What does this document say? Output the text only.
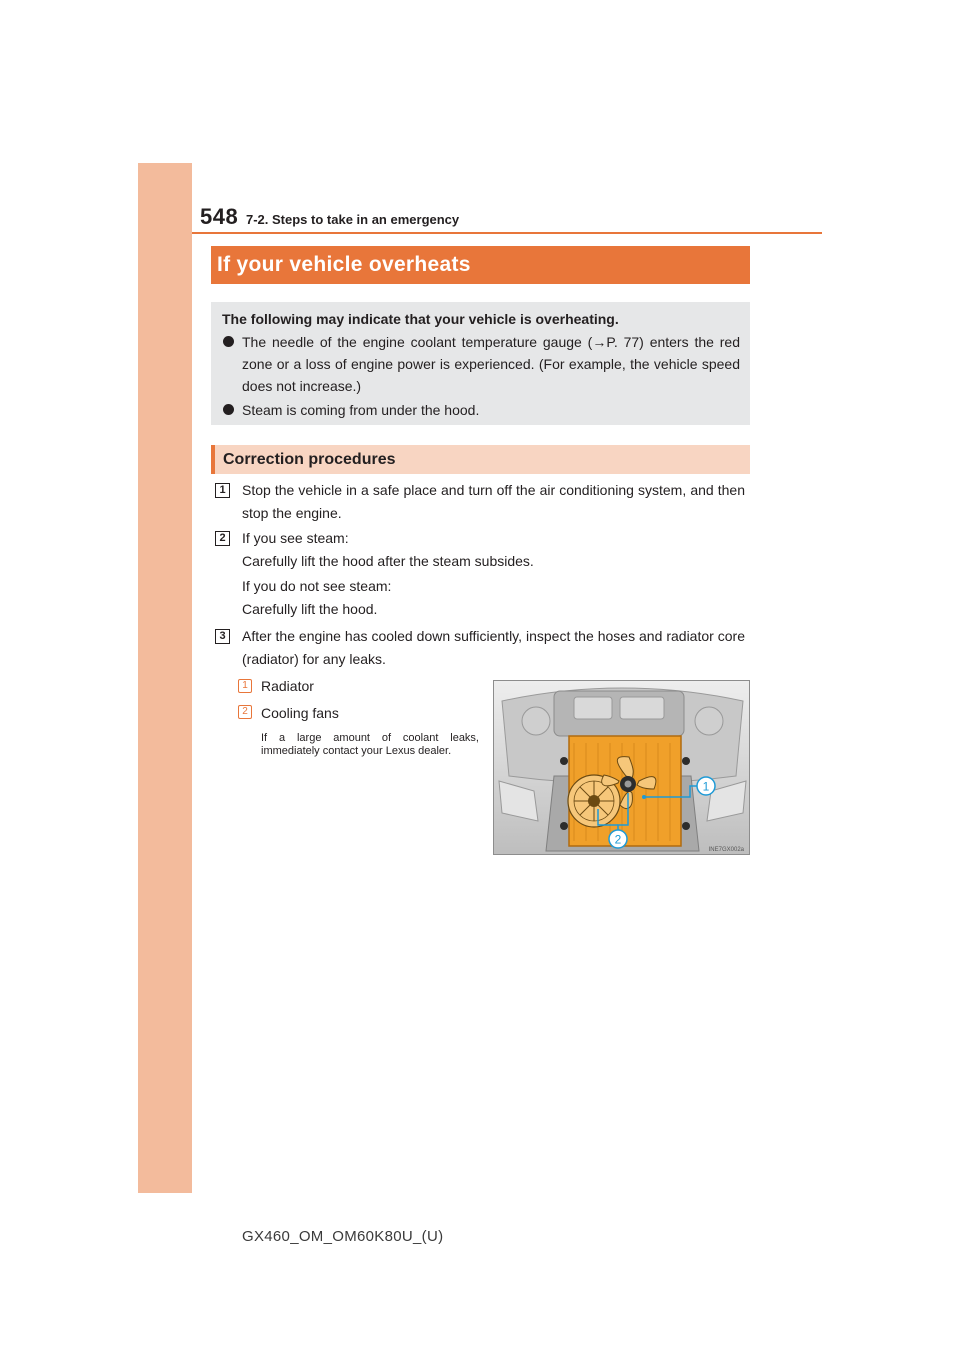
548 7-2. Steps to take in an emergency
If your vehicle overheats
The following may indicate that your vehicle is overheating.
The needle of the engine coolant temperature gauge (→P. 77) enters the red zone or a loss of engine power is experienced. (For example, the vehicle speed does not increase.)
Steam is coming from under the hood.
Correction procedures
1	Stop the vehicle in a safe place and turn off the air conditioning system, and then stop the engine.

2	If you see steam:
Carefully lift the hood after the steam subsides.

If you do not see steam:
Carefully lift the hood.

3	After the engine has cooled down sufficiently, inspect the hoses and radiator core (radiator) for any leaks.

1 Radiator
2 Cooling fans
If a large amount of coolant leaks, immediately contact your Lexus dealer.
1
2
INE7GX002a
GX460_OM_OM60K80U_(U)
